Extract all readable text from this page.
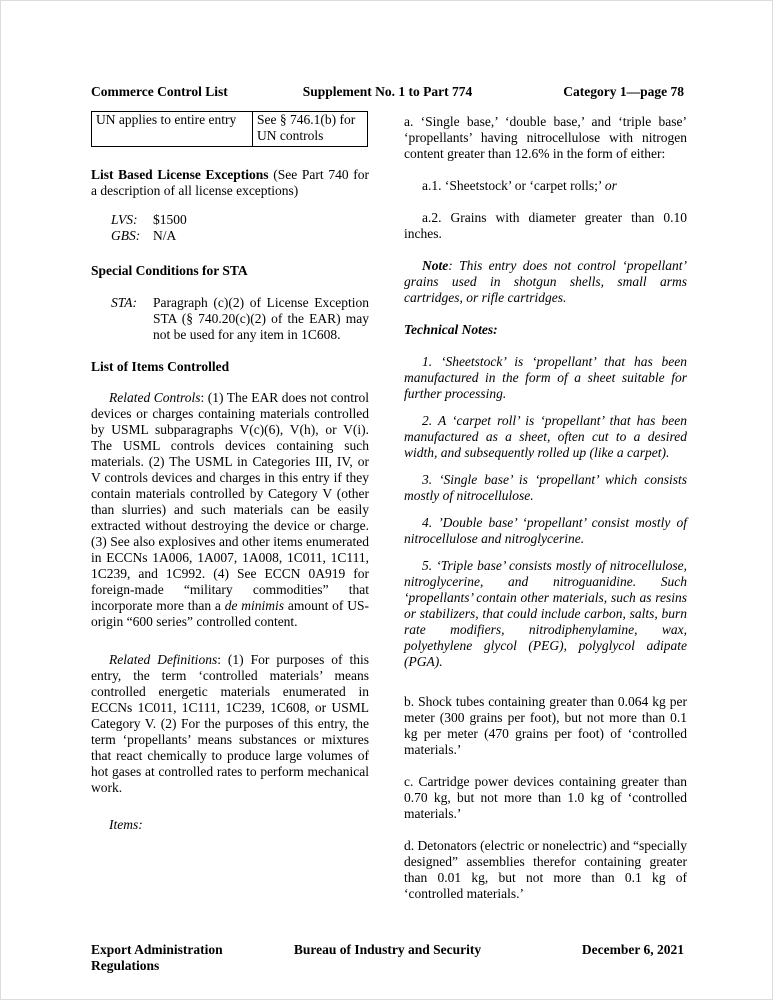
Commerce Control List	Supplement No. 1 to Part 774	Category 1—page 78
UN applies to entire entry	See § 746.1(b) for UN controls

List Based License Exceptions (See Part 740 for a description of all license exceptions)

LVS:	$1500
GBS: N/A

Special Conditions for STA

STA:	Paragraph (c)(2) of License Exception STA (§ 740.20(c)(2) of the EAR) may not be used for any item in 1C608.

List of Items Controlled

Related Controls: (1) The EAR does not control devices or charges containing materials controlled by USML subparagraphs V(c)(6), V(h), or V(i). The USML controls devices containing such materials. (2) The USML in Categories III, IV, or V controls devices and charges in this entry if they contain materials controlled by Category V (other than slurries) and such materials can be easily extracted without destroying the device or charge. (3) See also explosives and other items enumerated in ECCNs 1A006, 1A007, 1A008, 1C011, 1C111, 1C239, and 1C992. (4) See ECCN 0A919 for foreign-made “military commodities” that incorporate more than a de minimis amount of US-origin “600 series” controlled content.

Related Definitions: (1) For purposes of this entry, the term ‘controlled materials’ means controlled energetic materials enumerated in ECCNs 1C011, 1C111, 1C239, 1C608, or USML Category V. (2) For the purposes of this entry, the term ‘propellants’ means substances or mixtures that react chemically to produce large volumes of hot gases at controlled rates to perform mechanical work.

Items:

a. ‘Single base,’ ‘double base,’ and ‘triple base’ ‘propellants’ having nitrocellulose with nitrogen content greater than 12.6% in the form of either:

a.1. ‘Sheetstock’ or ‘carpet rolls;’ or

a.2. Grains with diameter greater than 0.10 inches.

Note: This entry does not control ‘propellant’ grains used in shotgun shells, small arms cartridges, or rifle cartridges.

Technical Notes:

1. ‘Sheetstock’ is ‘propellant’ that has been manufactured in the form of a sheet suitable for further processing.

2. A ‘carpet roll’ is ‘propellant’ that has been manufactured as a sheet, often cut to a desired width, and subsequently rolled up (like a carpet).

3. ‘Single base’ is ‘propellant’ which consists mostly of nitrocellulose.

4. ’Double base’ ‘propellant’ consist mostly of nitrocellulose and nitroglycerine.

5. ‘Triple base’ consists mostly of nitrocellulose, nitroglycerine, and nitroguanidine. Such ‘propellants’ contain other materials, such as resins or stabilizers, that could include carbon, salts, burn rate modifiers, nitrodiphenylamine, wax, polyethylene glycol (PEG), polyglycol adipate (PGA).

b. Shock tubes containing greater than 0.064 kg per meter (300 grains per foot), but not more than 0.1 kg per meter (470 grains per foot) of ‘controlled materials.’

c. Cartridge power devices containing greater than 0.70 kg, but not more than 1.0 kg of ‘controlled materials.’

d. Detonators (electric or nonelectric) and “specially designed” assemblies therefor containing greater than 0.01 kg, but not more than 0.1 kg of ‘controlled materials.’

Export Administration Regulations
Bureau of Industry and Security	December 6, 2021
